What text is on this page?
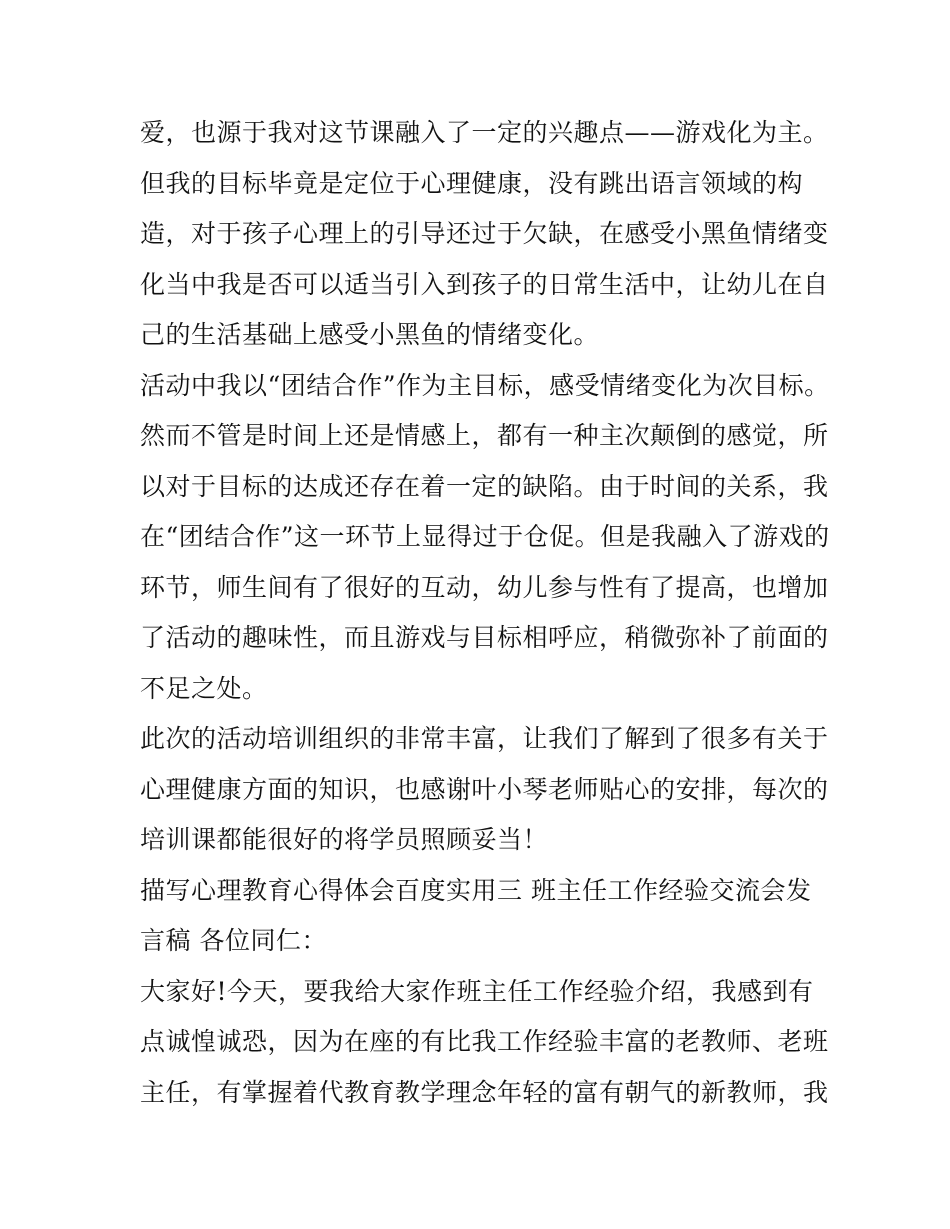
爱，也源于我对这节课融入了一定的兴趣点——游戏化为主。
但我的目标毕竟是定位于心理健康，没有跳出语言领域的构
造，对于孩子心理上的引导还过于欠缺，在感受小黑鱼情绪变
化当中我是否可以适当引入到孩子的日常生活中，让幼儿在自
己的生活基础上感受小黑鱼的情绪变化。
活动中我以“团结合作”作为主目标，感受情绪变化为次目标。
然而不管是时间上还是情感上，都有一种主次颠倒的感觉，所
以对于目标的达成还存在着一定的缺陷。由于时间的关系，我
在“团结合作”这一环节上显得过于仓促。但是我融入了游戏的
环节，师生间有了很好的互动，幼儿参与性有了提高，也增加
了活动的趣味性，而且游戏与目标相呼应，稍微弥补了前面的
不足之处。
此次的活动培训组织的非常丰富，让我们了解到了很多有关于
心理健康方面的知识，也感谢叶小琴老师贴心的安排，每次的
培训课都能很好的将学员照顾妥当！
描写心理教育心得体会百度实用三 班主任工作经验交流会发
言稿 各位同仁：
大家好!今天，要我给大家作班主任工作经验介绍，我感到有
点诚惶诚恐，因为在座的有比我工作经验丰富的老教师、老班
主任，有掌握着代教育教学理念年轻的富有朝气的新教师，我
